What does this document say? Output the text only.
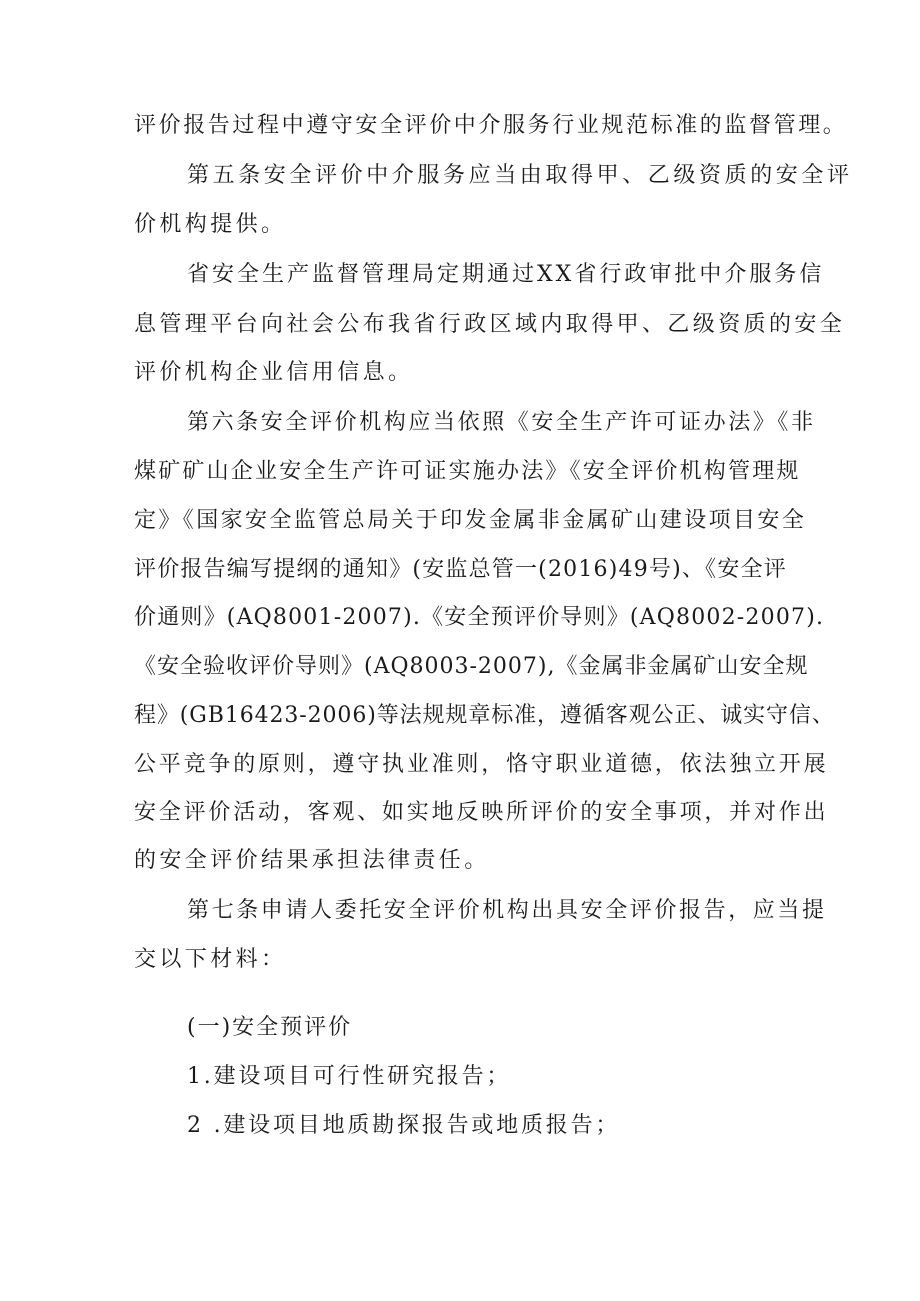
评价报告过程中遵守安全评价中介服务行业规范标准的监督管理。
第五条安全评价中介服务应当由取得甲、乙级资质的安全评
价机构提供。
省安全生产监督管理局定期通过XX省行政审批中介服务信
息管理平台向社会公布我省行政区域内取得甲、乙级资质的安全
评价机构企业信用信息。
第六条安全评价机构应当依照《安全生产许可证办法》《非
煤矿矿山企业安全生产许可证实施办法》《安全评价机构管理规
定》《国家安全监管总局关于印发金属非金属矿山建设项目安全
评价报告编写提纲的通知》(安监总管一(2016)49号)、《安全评
价通则》(AQ8001-2007).《安全预评价导则》(AQ8002-2007).
《安全验收评价导则》(AQ8003-2007),《金属非金属矿山安全规
程》(GB16423-2006)等法规规章标准，遵循客观公正、诚实守信、
公平竞争的原则，遵守执业准则，恪守职业道德，依法独立开展
安全评价活动，客观、如实地反映所评价的安全事项，并对作出
的安全评价结果承担法律责任。
第七条申请人委托安全评价机构出具安全评价报告，应当提
交以下材料：
(一)安全预评价
1.建设项目可行性研究报告；
2 .建设项目地质勘探报告或地质报告；
